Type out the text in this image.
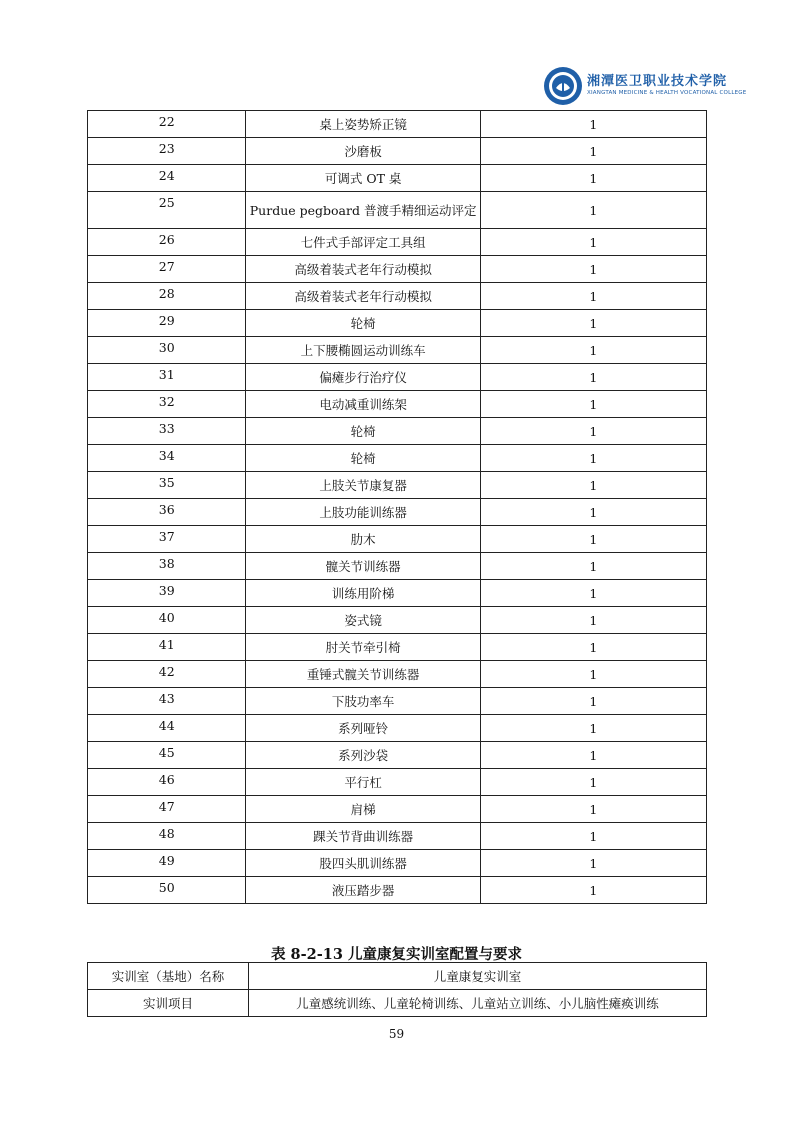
湘潭医卫职业技术学院
XIANGTAN MEDICINE & HEALTH VOCATIONAL COLLEGE
22	桌上姿势矫正镜	1
23	沙磨板	1
24	可调式 OT 桌	1
25	Purdue pegboard 普渡手精细运动评定	1
26	七件式手部评定工具组	1
27	高级着装式老年行动模拟	1
28	高级着装式老年行动模拟	1
29	轮椅	1
30	上下腰椭圆运动训练车	1
31	偏瘫步行治疗仪	1
32	电动减重训练架	1
33	轮椅	1
34	轮椅	1
35	上肢关节康复器	1
36	上肢功能训练器	1
37	肋木	1
38	髋关节训练器	1
39	训练用阶梯	1
40	姿式镜	1
41	肘关节牵引椅	1
42	重锤式髋关节训练器	1
43	下肢功率车	1
44	系列哑铃	1
45	系列沙袋	1
46	平行杠	1
47	肩梯	1
48	踝关节背曲训练器	1
49	股四头肌训练器	1
50	液压踏步器	1
表 8-2-13 儿童康复实训室配置与要求
实训室（基地）名称	儿童康复实训室
实训项目	儿童感统训练、儿童轮椅训练、儿童站立训练、小儿脑性瘫痪训练
59
